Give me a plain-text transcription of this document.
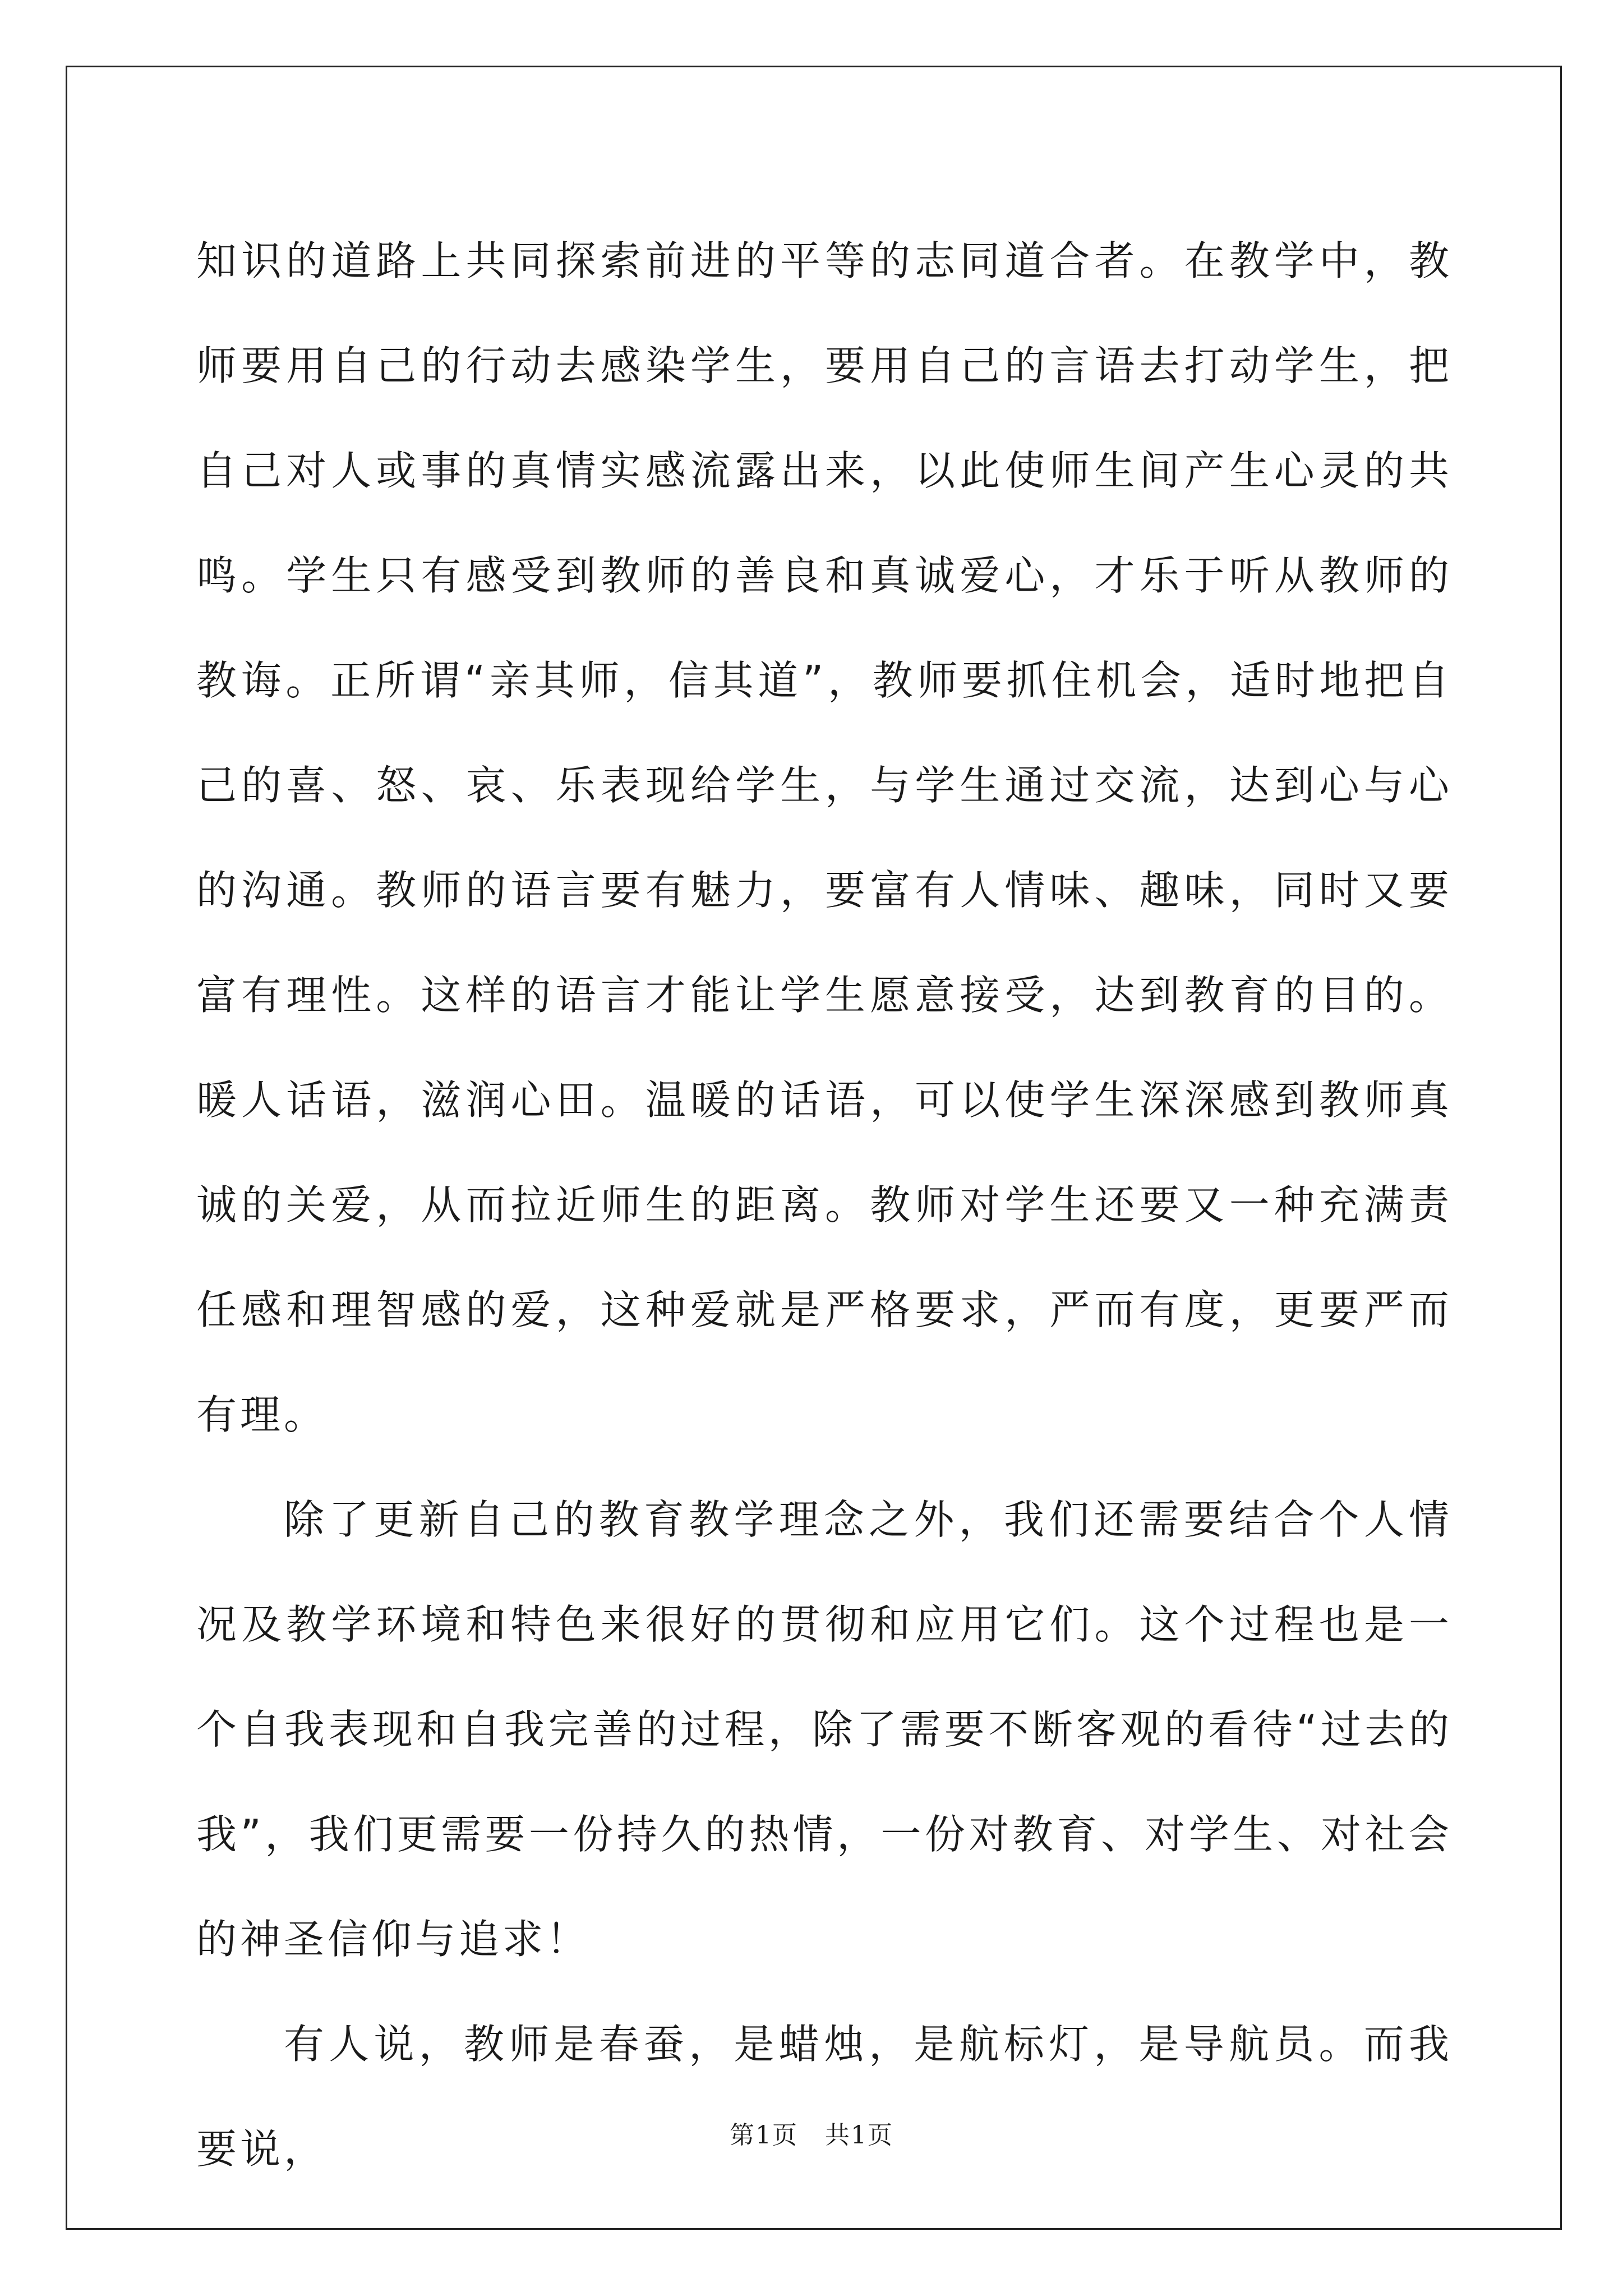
知识的道路上共同探索前进的平等的志同道合者。在教学中，教师要用自己的行动去感染学生，要用自己的言语去打动学生，把自己对人或事的真情实感流露出来，以此使师生间产生心灵的共鸣。学生只有感受到教师的善良和真诚爱心，才乐于听从教师的教诲。正所谓“亲其师，信其道”，教师要抓住机会，适时地把自己的喜、怒、哀、乐表现给学生，与学生通过交流，达到心与心的沟通。教师的语言要有魅力，要富有人情味、趣味，同时又要富有理性。这样的语言才能让学生愿意接受，达到教育的目的。暖人话语，滋润心田。温暖的话语，可以使学生深深感到教师真诚的关爱，从而拉近师生的距离。教师对学生还要又一种充满责任感和理智感的爱，这种爱就是严格要求，严而有度，更要严而有理。

除了更新自己的教育教学理念之外，我们还需要结合个人情况及教学环境和特色来很好的贯彻和应用它们。这个过程也是一个自我表现和自我完善的过程，除了需要不断客观的看待“过去的我”，我们更需要一份持久的热情，一份对教育、对学生、对社会的神圣信仰与追求！

有人说，教师是春蚕，是蜡烛，是航标灯，是导航员。而我要说，	第1页 共1页
